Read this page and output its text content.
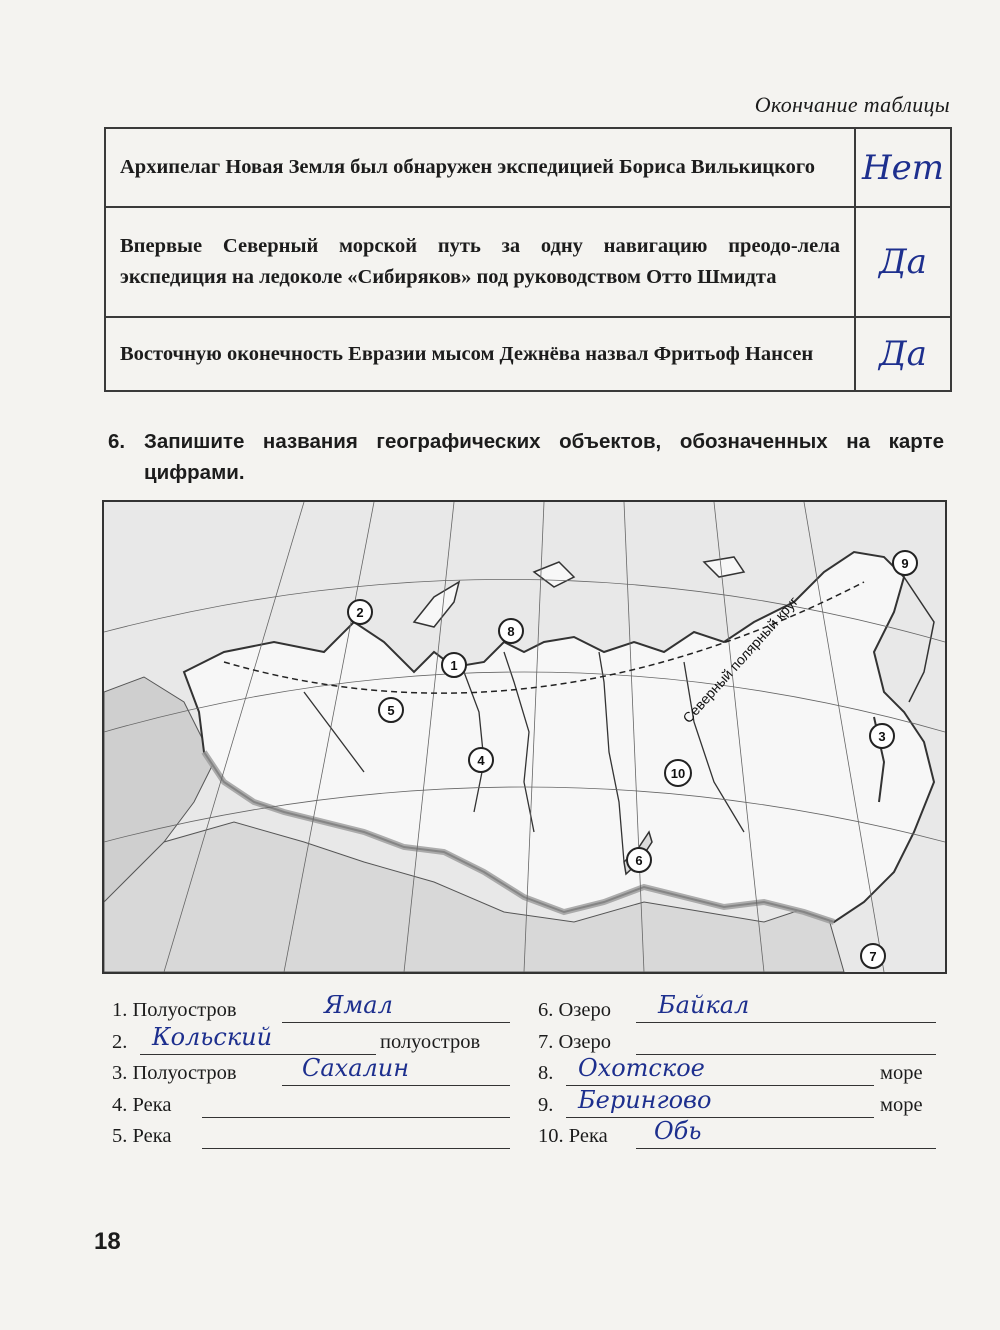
Окончание таблицы
Архипелаг Новая Земля был обнаружен экспедицией Бориса Вилькицкого	Нет
Впервые Северный морской путь за одну навигацию преодо-лела экспедиция на ледоколе «Сибиряков» под руководством Отто Шмидта	Да
Восточную оконечность Евразии мысом Дежнёва назвал Фритьоф Нансен	Да
6. Запишите названия географических объектов, обозначенных на карте цифрами.
Северный полярный круг
1
2
3
4
5
6
7
8
9
10
1. Полуостров	Ямал
2. Кольский	полуостров
3. Полуостров	Сахалин
4. Река
5. Река
6. Озеро Байкал
7. Озеро
8. Охотское	море
9. Берингово	море
10. Река Обь
18
